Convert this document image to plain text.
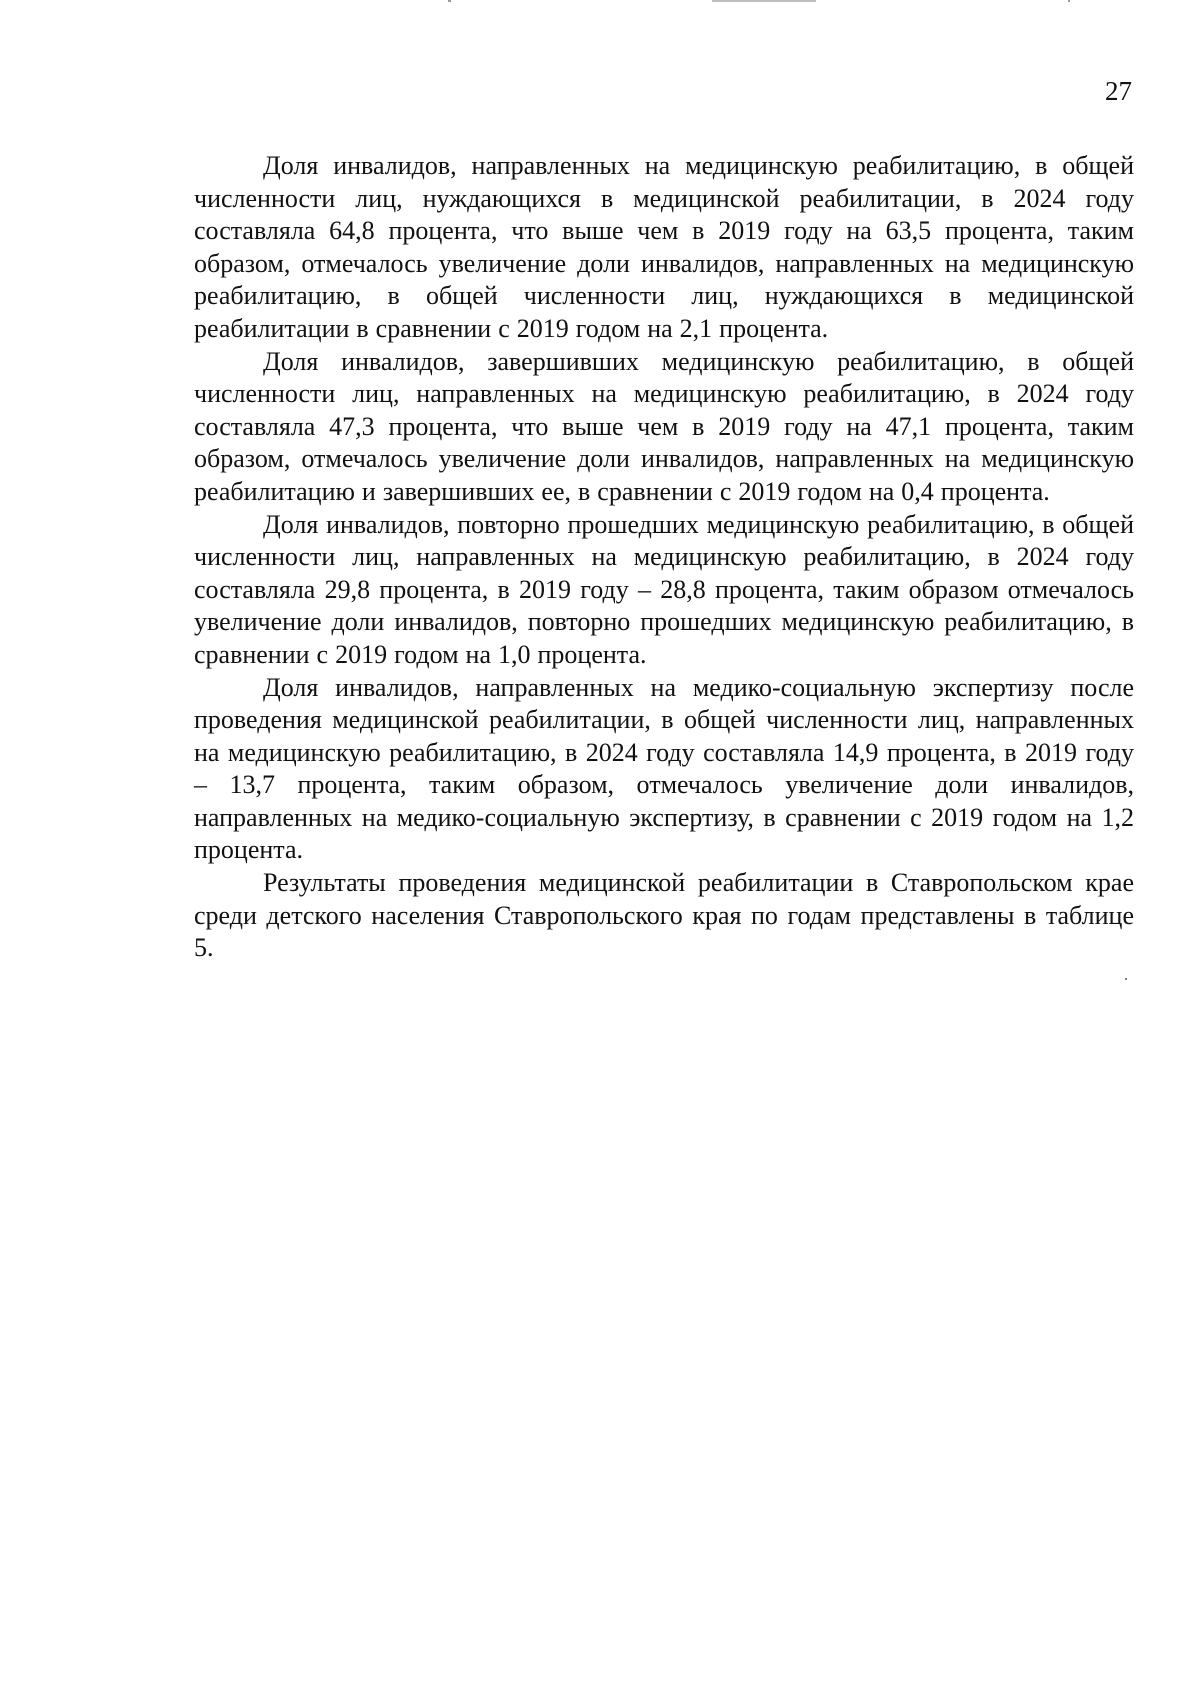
27

Доля инвалидов, направленных на медицинскую реабилитацию, в общей численности лиц, нуждающихся в медицинской реабилитации, в 2024 году составляла 64,8 процента, что выше чем в 2019 году на 63,5 процента, таким образом, отмечалось увеличение доли инвалидов, направленных на медицинскую реабилитацию, в общей численности лиц, нуждающихся в медицинской реабилитации в сравнении с 2019 годом на 2,1 процента.

Доля инвалидов, завершивших медицинскую реабилитацию, в общей численности лиц, направленных на медицинскую реабилитацию, в 2024 году составляла 47,3 процента, что выше чем в 2019 году на 47,1 процента, таким образом, отмечалось увеличение доли инвалидов, направленных на медицинскую реабилитацию и завершивших ее, в сравнении с 2019 годом на 0,4 процента.

Доля инвалидов, повторно прошедших медицинскую реабилитацию, в общей численности лиц, направленных на медицинскую реабилитацию, в 2024 году составляла 29,8 процента, в 2019 году – 28,8 процента, таким образом отмечалось увеличение доли инвалидов, повторно прошедших медицинскую реабилитацию, в сравнении с 2019 годом на 1,0 процента.

Доля инвалидов, направленных на медико-социальную экспертизу после проведения медицинской реабилитации, в общей численности лиц, направленных на медицинскую реабилитацию, в 2024 году составляла 14,9 процента, в 2019 году – 13,7 процента, таким образом, отмечалось увеличение доли инвалидов, направленных на медико-социальную экспертизу, в сравнении с 2019 годом на 1,2 процента.

Результаты проведения медицинской реабилитации в Ставропольском крае среди детского населения Ставропольского края по годам представлены в таблице 5.
